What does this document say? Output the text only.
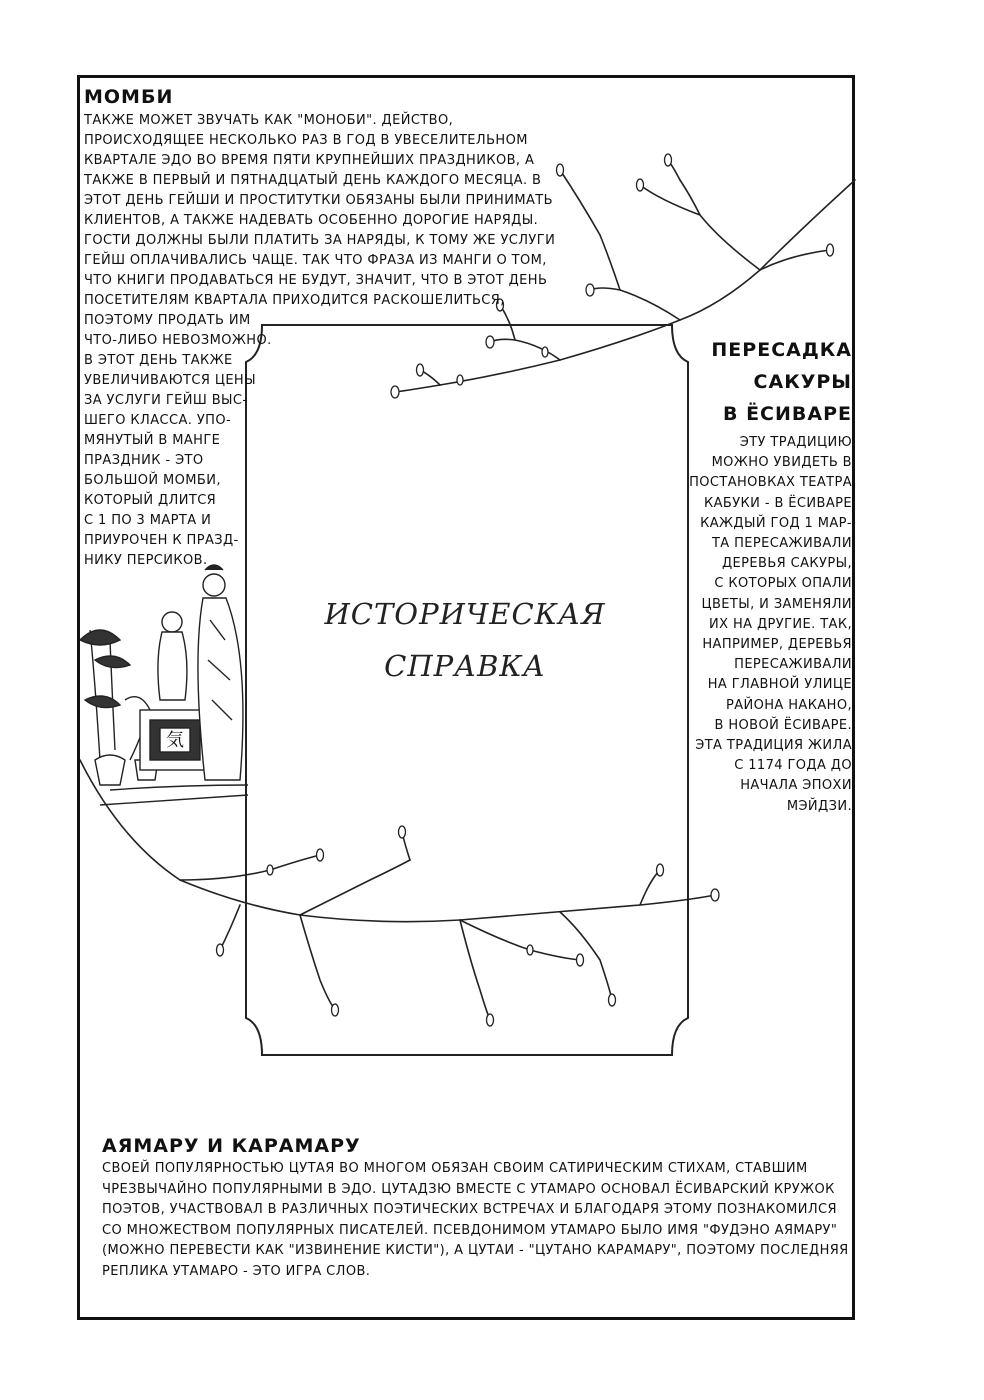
気
МОМБИ
ТАКЖЕ МОЖЕТ ЗВУЧАТЬ КАК "МОНОБИ". ДЕЙСТВО,
ПРОИСХОДЯЩЕЕ НЕСКОЛЬКО РАЗ В ГОД В УВЕСЕЛИТЕЛЬНОМ
КВАРТАЛЕ ЭДО ВО ВРЕМЯ ПЯТИ КРУПНЕЙШИХ ПРАЗДНИКОВ, А
ТАКЖЕ В ПЕРВЫЙ И ПЯТНАДЦАТЫЙ ДЕНЬ КАЖДОГО МЕСЯЦА. В
ЭТОТ ДЕНЬ ГЕЙШИ И ПРОСТИТУТКИ ОБЯЗАНЫ БЫЛИ ПРИНИМАТЬ
КЛИЕНТОВ, А ТАКЖЕ НАДЕВАТЬ ОСОБЕННО ДОРОГИЕ НАРЯДЫ.
ГОСТИ ДОЛЖНЫ БЫЛИ ПЛАТИТЬ ЗА НАРЯДЫ, К ТОМУ ЖЕ УСЛУГИ
ГЕЙШ ОПЛАЧИВАЛИСЬ ЧАЩЕ. ТАК ЧТО ФРАЗА ИЗ МАНГИ О ТОМ,
ЧТО КНИГИ ПРОДАВАТЬСЯ НЕ БУДУТ, ЗНАЧИТ, ЧТО В ЭТОТ ДЕНЬ
ПОСЕТИТЕЛЯМ КВАРТАЛА ПРИХОДИТСЯ РАСКОШЕЛИТЬСЯ,
ПОЭТОМУ ПРОДАТЬ ИМ
ЧТО-ЛИБО НЕВОЗМОЖНО.
В ЭТОТ ДЕНЬ ТАКЖЕ
УВЕЛИЧИВАЮТСЯ ЦЕНЫ
ЗА УСЛУГИ ГЕЙШ ВЫС-
ШЕГО КЛАССА. УПО-
МЯНУТЫЙ В МАНГЕ
ПРАЗДНИК - ЭТО
БОЛЬШОЙ МОМБИ,
КОТОРЫЙ ДЛИТСЯ
С 1 ПО 3 МАРТА И
ПРИУРОЧЕН К ПРАЗД-
НИКУ ПЕРСИКОВ.
ПЕРЕСАДКА
САКУРЫ
В ЁСИВАРЕ
ЭТУ ТРАДИЦИЮ
МОЖНО УВИДЕТЬ В
ПОСТАНОВКАХ ТЕАТРА
КАБУКИ - В ЁСИВАРЕ
КАЖДЫЙ ГОД 1 МАР-
ТА ПЕРЕСАЖИВАЛИ
ДЕРЕВЬЯ САКУРЫ,
С КОТОРЫХ ОПАЛИ
ЦВЕТЫ, И ЗАМЕНЯЛИ
ИХ НА ДРУГИЕ. ТАК,
НАПРИМЕР, ДЕРЕВЬЯ
ПЕРЕСАЖИВАЛИ
НА ГЛАВНОЙ УЛИЦЕ
РАЙОНА НАКАНО,
В НОВОЙ ЁСИВАРЕ.
ЭТА ТРАДИЦИЯ ЖИЛА
С 1174 ГОДА ДО
НАЧАЛА ЭПОХИ
МЭЙДЗИ.
ИСТОРИЧЕСКАЯ
СПРАВКА
АЯМАРУ И КАРАМАРУ
СВОЕЙ ПОПУЛЯРНОСТЬЮ ЦУТАЯ ВО МНОГОМ ОБЯЗАН СВОИМ САТИРИЧЕСКИМ СТИХАМ, СТАВШИМ
ЧРЕЗВЫЧАЙНО ПОПУЛЯРНЫМИ В ЭДО. ЦУТАДЗЮ ВМЕСТЕ С УТАМАРО ОСНОВАЛ ЁСИВАРСКИЙ КРУЖОК
ПОЭТОВ, УЧАСТВОВАЛ В РАЗЛИЧНЫХ ПОЭТИЧЕСКИХ ВСТРЕЧАХ И БЛАГОДАРЯ ЭТОМУ ПОЗНАКОМИЛСЯ
СО МНОЖЕСТВОМ ПОПУЛЯРНЫХ ПИСАТЕЛЕЙ. ПСЕВДОНИМОМ УТАМАРО БЫЛО ИМЯ "ФУДЭНО АЯМАРУ"
(МОЖНО ПЕРЕВЕСТИ КАК "ИЗВИНЕНИЕ КИСТИ"), А ЦУТАИ - "ЦУТАНО КАРАМАРУ", ПОЭТОМУ ПОСЛЕДНЯЯ
РЕПЛИКА УТАМАРО - ЭТО ИГРА СЛОВ.
